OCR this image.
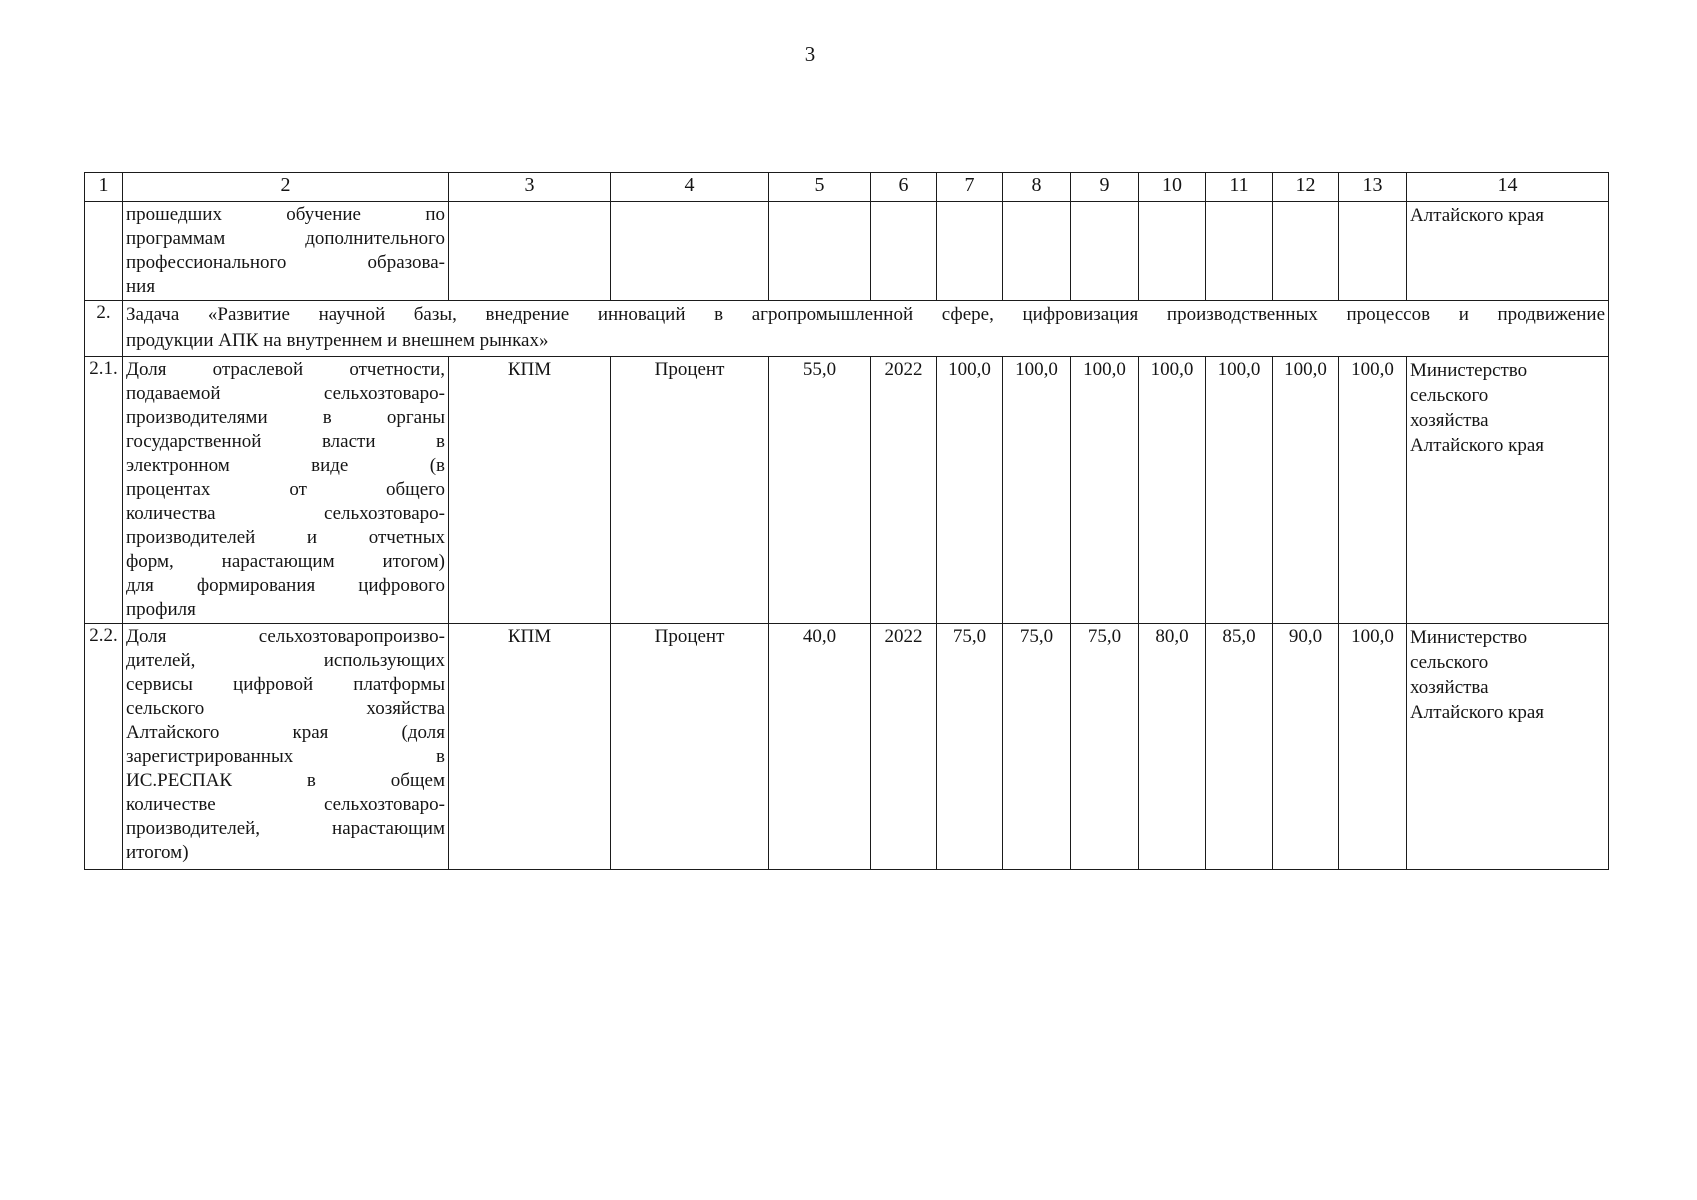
3
1	2	3	4	5	6	7	8	9	10	11	12	13	14

	прошедших обучение по
программам дополнительного
профессионального образова-
ния												Алтайского края

2.	Задача «Развитие научной базы, внедрение инноваций в агропромышленной сфере, цифровизация производственных процессов и продвижение
продукции АПК на внутреннем и внешнем рынках»												

2.1.	Доля отраслевой отчетности,
подаваемой сельхозтоваро-
производителями в органы
государственной власти в
электронном виде (в
процентах от общего
количества сельхозтоваро-
производителей и отчетных
форм, нарастающим итогом)
для формирования цифрового
профиля
	КПМ	Процент	55,0	2022	100,0	100,0	100,0	100,0	100,0	100,0	100,0	Министерство
сельского
хозяйства
Алтайского края

2.2.	Доля сельхозтоваропроизво-
дителей, использующих
сервисы цифровой платформы
сельского хозяйства
Алтайского края (доля
зарегистрированных в
ИС.РЕСПАК в общем
количестве сельхозтоваро-
производителей, нарастающим
итогом)
	КПМ	Процент	40,0	2022	75,0	75,0	75,0	80,0	85,0	90,0	100,0	Министерство
сельского
хозяйства
Алтайского края
